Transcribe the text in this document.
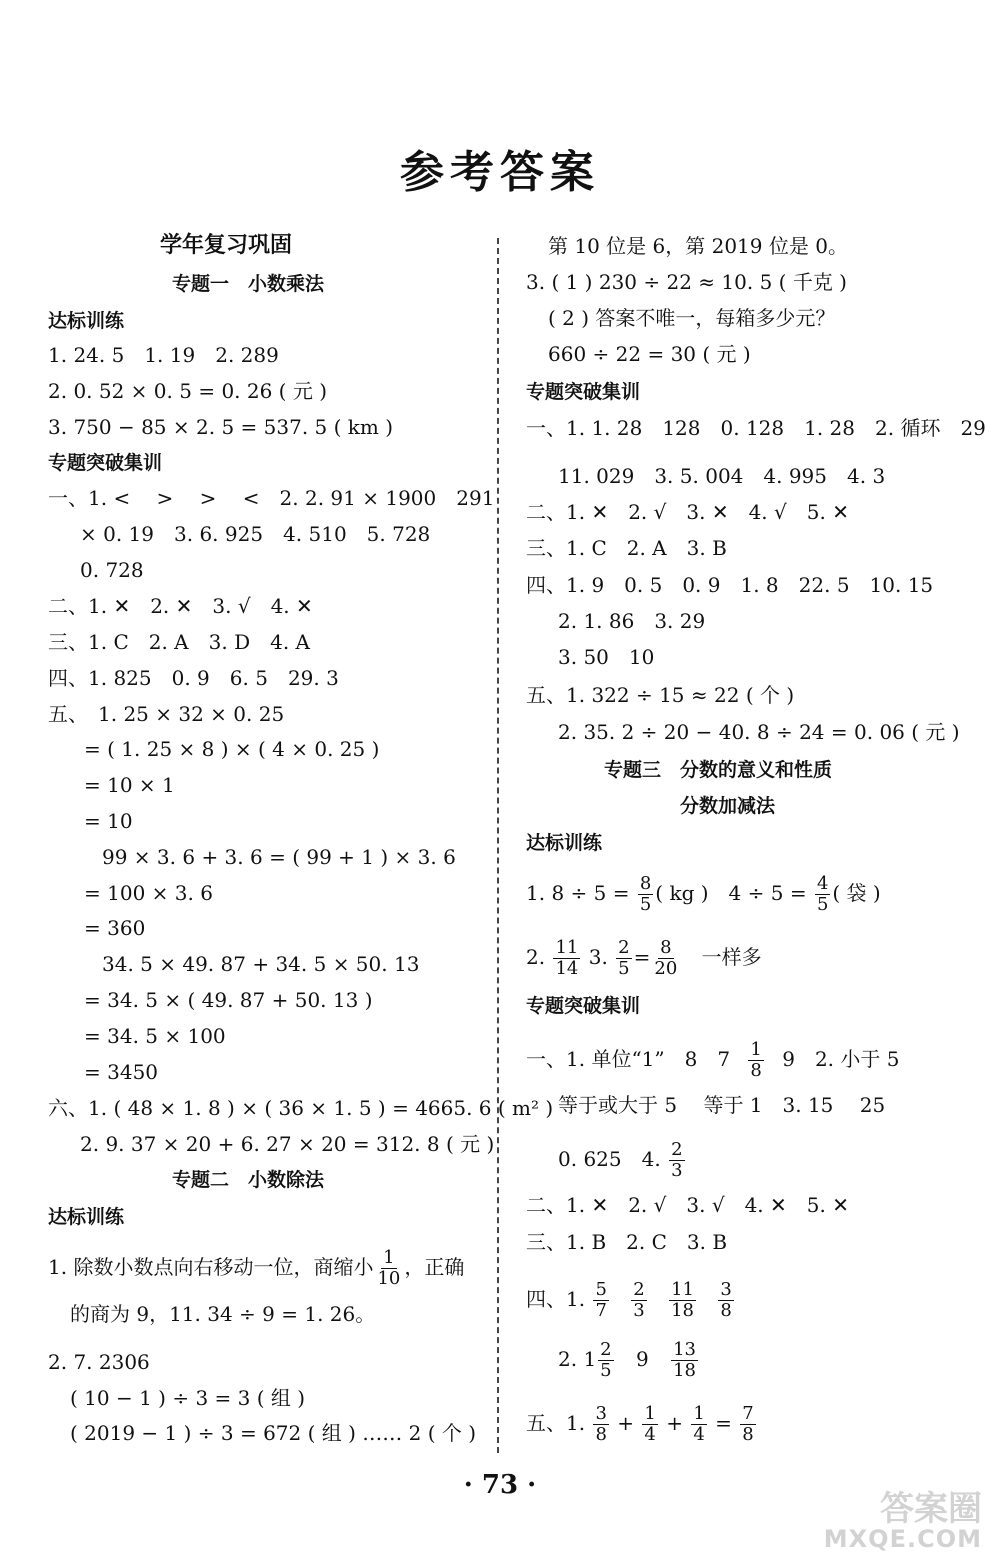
参考答案
学年复习巩固
专题一　小数乘法
达标训练
1. 24. 5　1. 19　2. 289
2. 0. 52 × 0. 5 = 0. 26 ( 元 )
3. 750 − 85 × 2. 5 = 537. 5 ( km )
专题突破集训
一、1. <　 >　 >　 <　2. 2. 91 × 1900　291
× 0. 19　3. 6. 925　4. 510　5. 728
0. 728
二、1. ✕　2. ✕　3. √　4. ✕
三、1. C　2. A　3. D　4. A
四、1. 825　0. 9　6. 5　29. 3
五、　1. 25 × 32 × 0. 25
= ( 1. 25 × 8 ) × ( 4 × 0. 25 )
= 10 × 1
= 10
99 × 3. 6 + 3. 6 = ( 99 + 1 ) × 3. 6
= 100 × 3. 6
= 360
34. 5 × 49. 87 + 34. 5 × 50. 13
= 34. 5 × ( 49. 87 + 50. 13 )
= 34. 5 × 100
= 3450
六、1. ( 48 × 1. 8 ) × ( 36 × 1. 5 ) = 4665. 6 ( m² )
2. 9. 37 × 20 + 6. 27 × 20 = 312. 8 ( 元 )
专题二　小数除法
达标训练
1. 除数小数点向右移动一位，商缩小 $\frac{1}{10}$ ，正确
的商为 9，11. 34 ÷ 9 = 1. 26。
2. 7. 2306
( 10 − 1 ) ÷ 3 = 3 ( 组 )
( 2019 − 1 ) ÷ 3 = 672 ( 组 ) …… 2 ( 个 )
第 10 位是 6，第 2019 位是 0。
3. ( 1 ) 230 ÷ 22 ≈ 10. 5 ( 千克 )
( 2 ) 答案不唯一，每箱多少元？
660 ÷ 22 = 30 ( 元 )
专题突破集训
一、1. 1. 28　128　0. 128　1. 28　2. 循环　29
11. 029　3. 5. 004　4. 995　4. 3
二、1. ✕　2. √　3. ✕　4. √　5. ✕
三、1. C　2. A　3. B
四、1. 9　0. 5　0. 9　1. 8　22. 5　10. 15
2. 1. 86　3. 29
3. 50　10
五、1. 322 ÷ 15 ≈ 22 ( 个 )
2. 35. 2 ÷ 20 − 40. 8 ÷ 24 = 0. 06 ( 元 )
专题三　分数的意义和性质
分数加减法
达标训练
1. $8 \div 5 = \frac{8}{5}$ ( kg )　$4 \div 5 = \frac{4}{5}$ ( 袋 )
2. $\frac{11}{14} 3$. $\frac{2}{5} = \frac{8}{20}$ 一样多
专题突破集训
一、1. 单位“1”　8　$7 \frac{1}{8} 9$　2. 小于 5
等于或大于 5　 等于 1　3. 15　 25
0. 625　4. $\frac{2}{3}$
二、1. ✕　2. √　3. √　4. ✕　5. ✕
三、1. B　2. C　3. B
四、1. $\frac{5}{7}$
$\frac{2}{3}$
$\frac{11}{18}$
$\frac{3}{8}$
2. $1 \frac{2}{5} 9 \frac{13}{18}$
五、1. $\frac{3}{8} + \frac{1}{4} + \frac{1}{4} = \frac{7}{8}$
· 73 ·
答案圈
MXQE.COM
